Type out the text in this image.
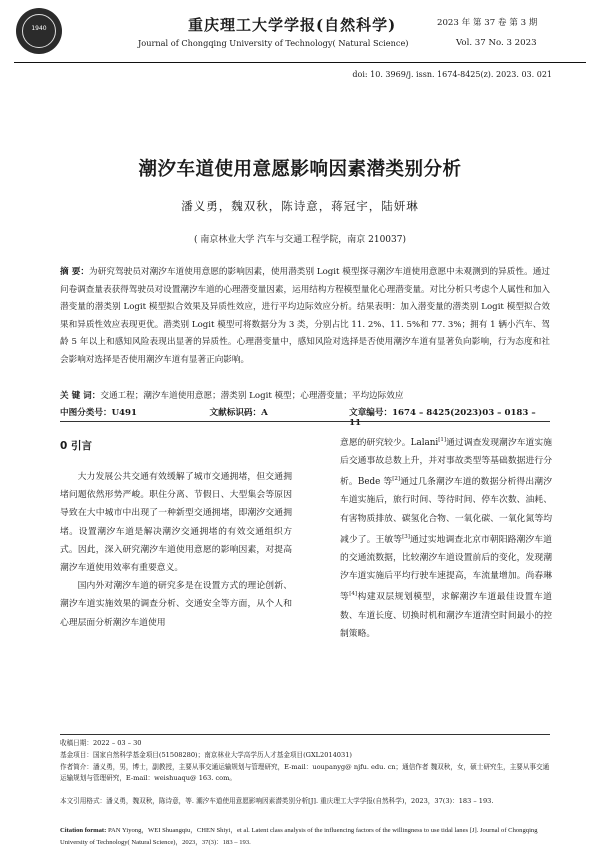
1940	重庆理工大学学报(自然科学)
Journal of Chongqing University of Technology( Natural Science)
2023 年 第 37 卷 第 3 期
Vol. 37 No. 3 2023
doi: 10. 3969/j. issn. 1674-8425(z). 2023. 03. 021
潮汐车道使用意愿影响因素潜类别分析
潘义勇，魏双秋，陈诗意，蒋冠宇，陆妍琳
( 南京林业大学 汽车与交通工程学院，南京 210037)
摘 要：为研究驾驶员对潮汐车道使用意愿的影响因素，使用潜类别 Logit 模型探寻潮汐车道使用意愿中未观测到的异质性。通过问卷调查量表获得驾驶员对设置潮汐车道的心理潜变量因素，运用结构方程模型量化心理潜变量。对比分析只考虑个人属性和加入潜变量的潜类别 Logit 模型拟合效果及异质性效应，进行平均边际效应分析。结果表明：加入潜变量的潜类别 Logit 模型拟合效果和异质性效应表现更优。潜类别 Logit 模型可将数据分为 3 类，分别占比 11. 2%、11. 5%和 77. 3%；拥有 1 辆小汽车、驾龄 5 年以上和感知风险表现出显著的异质性。心理潜变量中，感知风险对选择是否使用潮汐车道有显著负向影响，行为态度和社会影响对选择是否使用潮汐车道有显著正向影响。
关 键 词：交通工程；潮汐车道使用意愿；潜类别 Logit 模型；心理潜变量；平均边际效应
中图分类号：U491	文献标识码：A	文章编号：1674 – 8425(2023)03 – 0183 – 11
0 引言

大力发展公共交通有效缓解了城市交通拥堵，但交通拥堵问题依然形势严峻。职住分离、节假日、大型集会等原因导致在大中城市中出现了一种新型交通拥堵，即潮汐交通拥堵。设置潮汐车道是解决潮汐交通拥堵的有效交通组织方式。因此，深入研究潮汐车道使用意愿的影响因素，对提高潮汐车道使用效率有重要意义。

国内外对潮汐车道的研究多是在设置方式的理论创新、潮汐车道实施效果的调查分析、交通安全等方面，从个人和心理层面分析潮汐车道使用

意愿的研究较少。Lalani[1]通过调查发现潮汐车道实施后交通事故总数上升，并对事故类型等基础数据进行分析。Bede 等[2]通过几条潮汐车道的数据分析得出潮汐车道实施后，旅行时间、等待时间、停车次数、油耗、有害物质排放、碳氢化合物、一氧化碳、一氧化氮等均减少了。王敏等[3]通过实地调查北京市朝阳路潮汐车道的交通流数据，比较潮汐车道设置前后的变化，发现潮汐车道实施后平均行驶车速提高，车流量增加。尚春琳等[4]构建双层规划模型，求解潮汐车道最佳设置车道数、车道长度、切换时机和潮汐车道清空时间最小的控制策略。

收稿日期：2022 – 03 – 30
基金项目：国家自然科学基金项目(51508280)；南京林业大学高学历人才基金项目(GXL2014031)
作者简介：潘义勇，男，博士，副教授，主要从事交通运输规划与管理研究，E-mail：uoupanyg@ njfu. edu. cn；通信作者 魏双秋，女，硕士研究生，主要从事交通运输规划与管理研究，E-mail：weishuaqu@ 163. com。
本文引用格式：潘义勇，魏双秋，陈诗意，等. 潮汐车道使用意愿影响因素潜类别分析[J]. 重庆理工大学学报(自然科学)，2023，37(3)：183 – 193.
Citation format: PAN Yiyong，WEI Shuangqiu，CHEN Shiyi，et al. Latent class analysis of the influencing factors of the willingness to use tidal lanes [J]. Journal of Chongqing University of Technology( Natural Science)，2023，37(3)：183 – 193.
